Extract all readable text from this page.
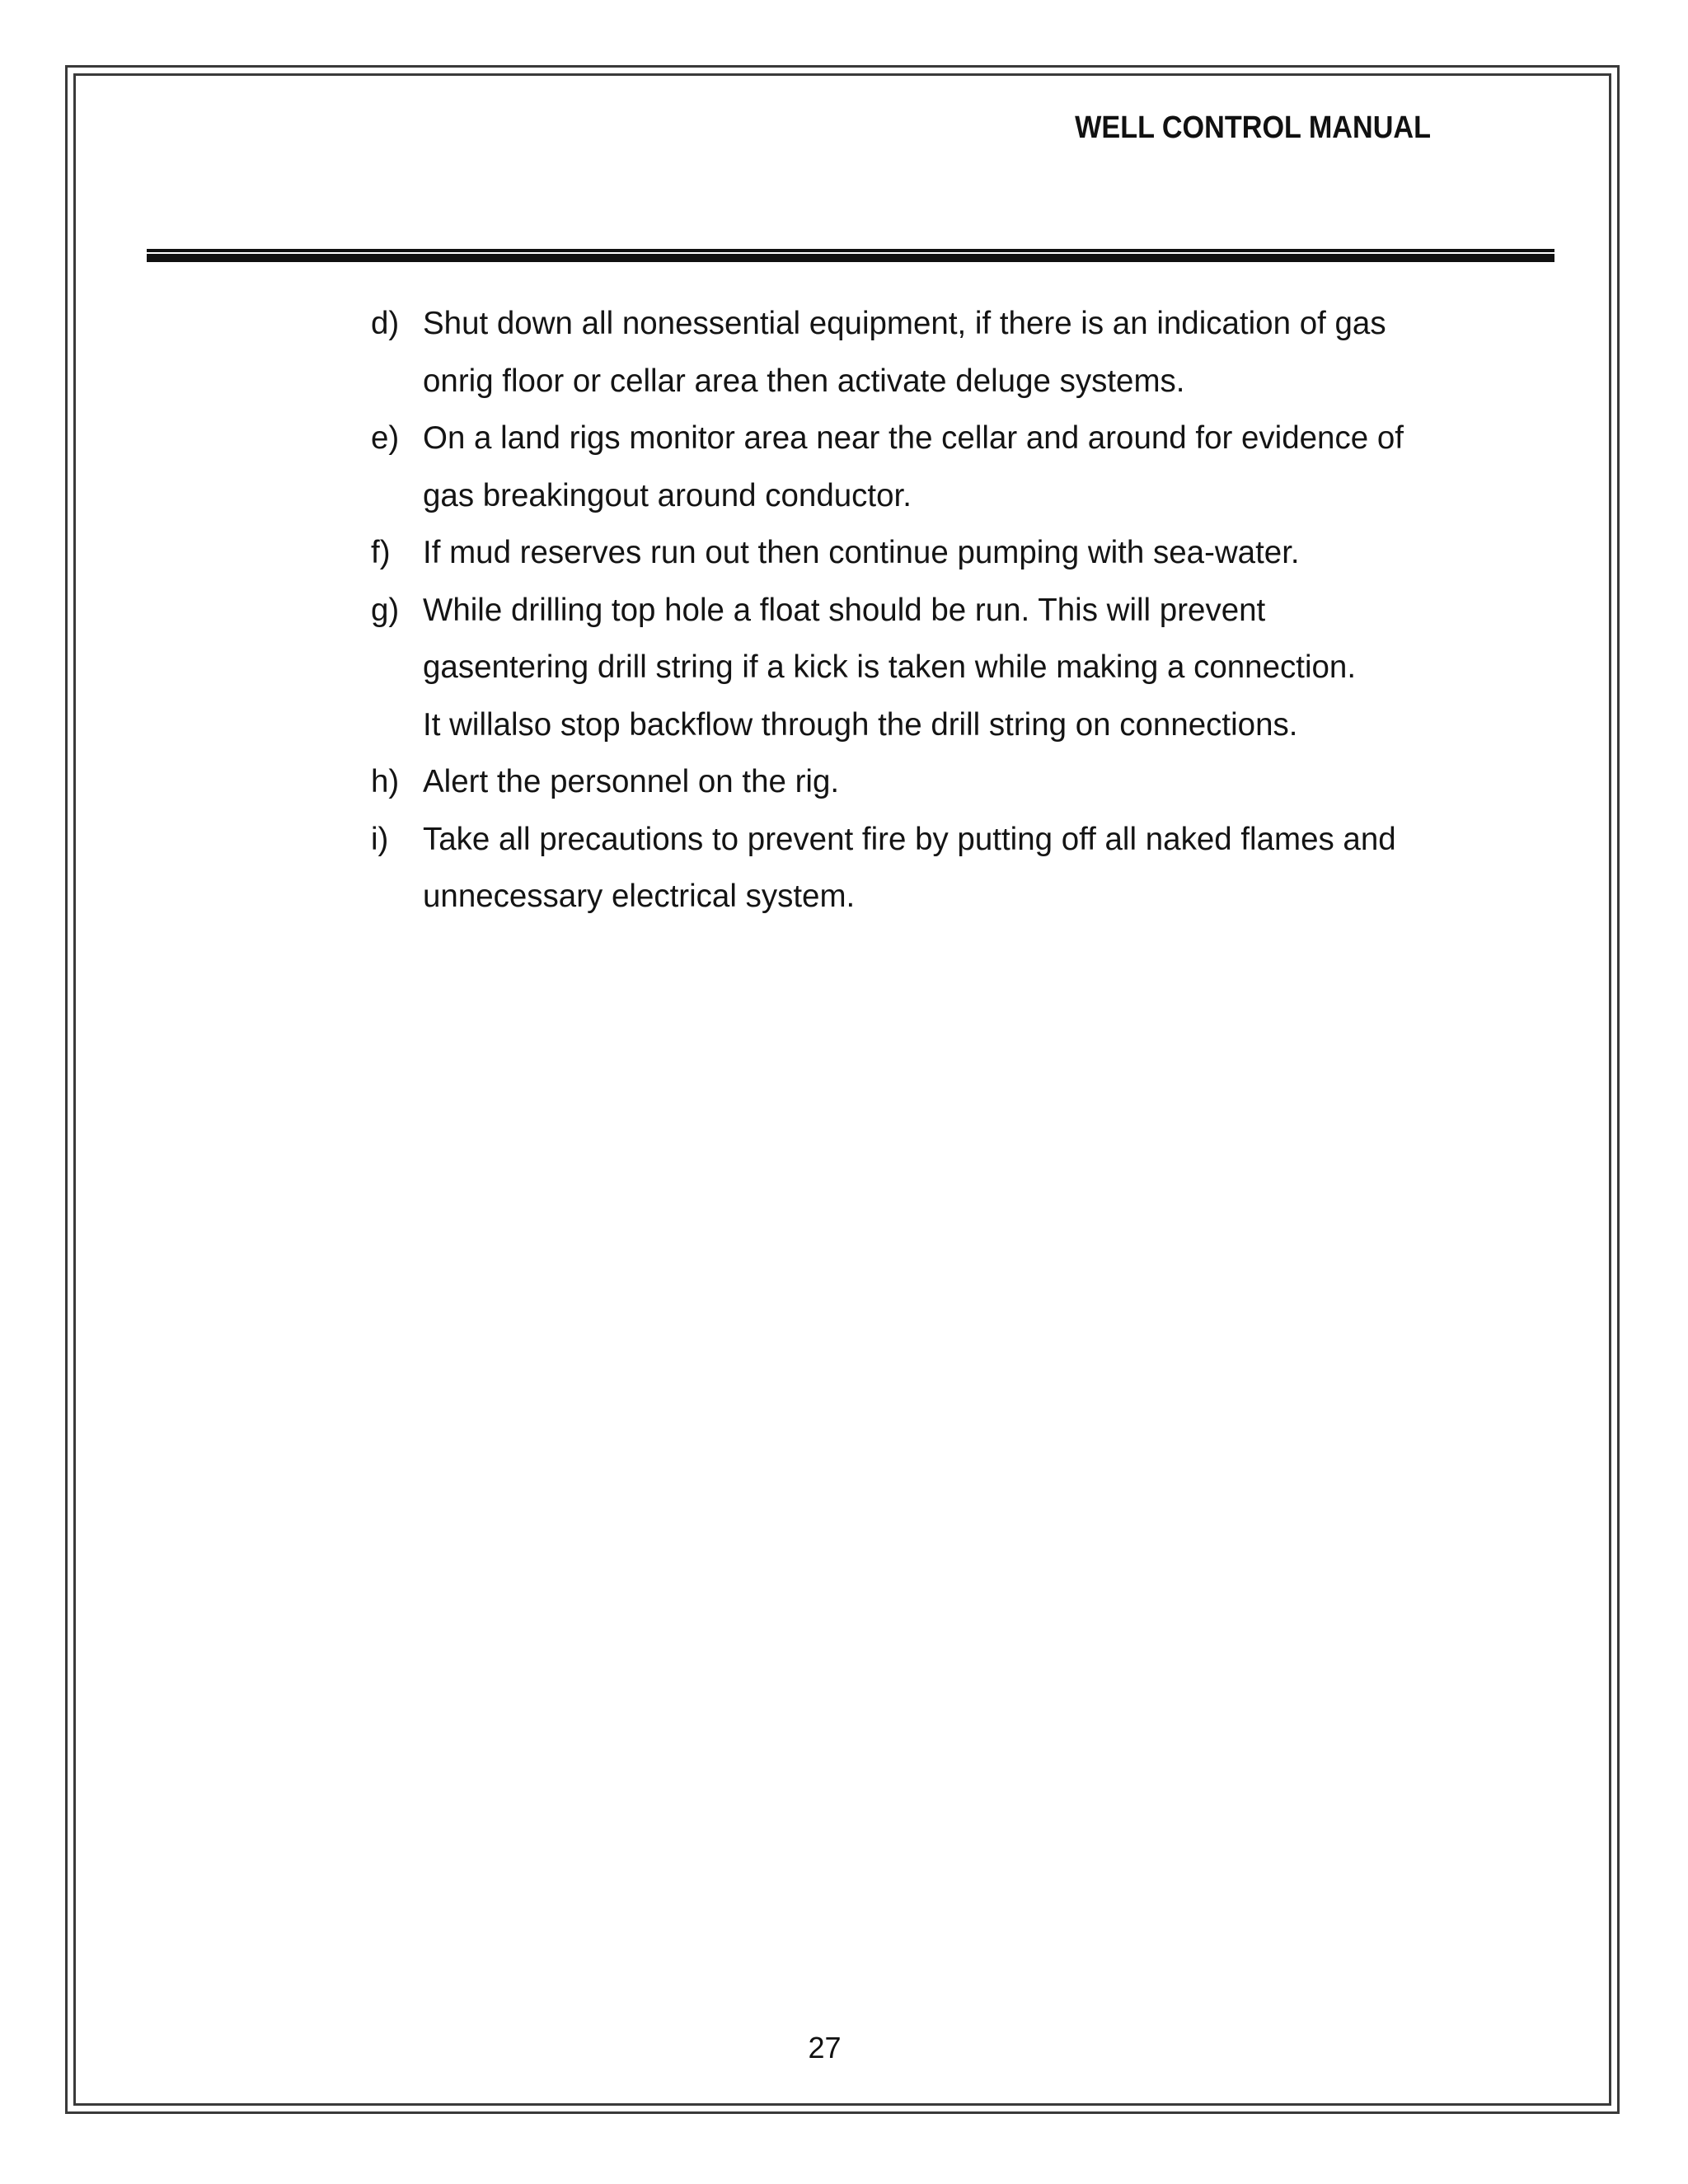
WELL CONTROL MANUAL
d) Shut down all nonessential equipment, if there is an indication of gas
onrig floor or cellar area then activate deluge systems.
e) On a land rigs monitor area near the cellar and around for evidence of
gas breakingout around conductor.
f) If mud reserves run out then continue pumping with sea-water.
g) While drilling top hole a float should be run. This will prevent
gasentering drill string if a kick is taken while making a connection.
It willalso stop backflow through the drill string on connections.
h) Alert the personnel on the rig.
i) Take all precautions to prevent fire by putting off all naked flames and
unnecessary electrical system.
27
